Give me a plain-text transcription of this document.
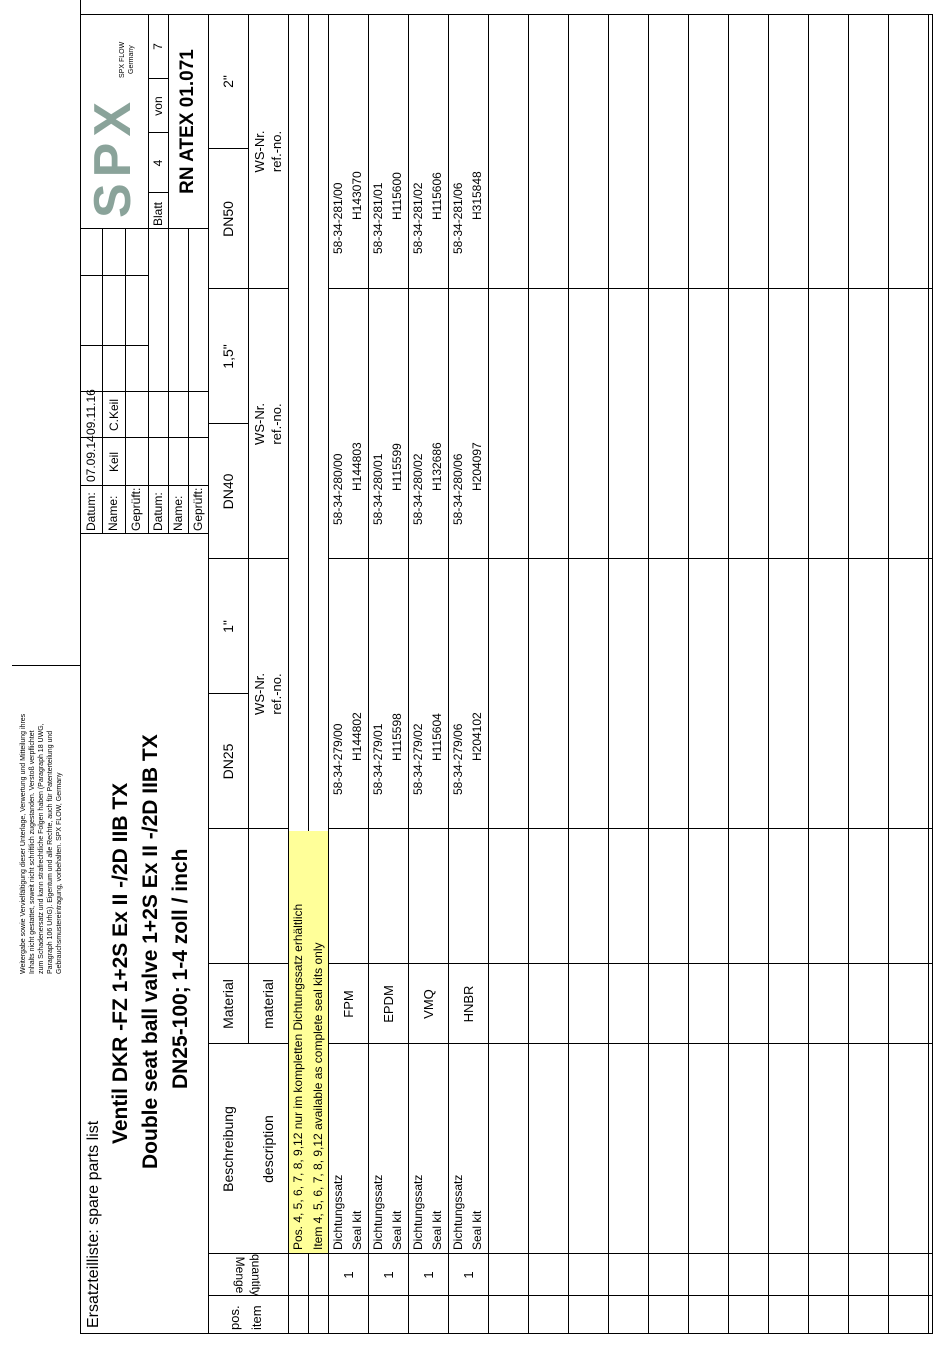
Weitergabe sowie Vervielfältigung dieser Unterlage, Verwertung und Mitteilung ihres Inhalts nicht gestattet, soweit nicht schriftlich zugestanden. Verstoß verpflichtet zum Schadenersatz und kann strafrechtliche Folgen haben (Paragraph 18 UWG, Paragraph 106 UrhG). Eigentum und alle Rechte, auch für Patenterteilung und Gebrauchsmustereintragung, vorbehalten. SPX FLOW, Germany
Ersatzteilliste: spare parts list
Ventil DKR -FZ 1+2S Ex II -/2D IIB TX Double seat ball valve 1+2S Ex II -/2D IIB TX DN25-100; 1-4 zoll / inch
Datum: Name: Geprüft:
07.09.14
09.11.16
Keil
C.Keil
Datum: Name: Geprüft:
SPX
SPX FLOW Germany
Blatt
4
von
7
RN ATEX 01.071
pos. item
Menge quantity
Beschreibung	description
Material	material
DN25
1"
DN40
1,5"
DN50
2"
WS-Nr. ref.-no.
WS-Nr. ref.-no.
WS-Nr. ref.-no.
Pos. 4, 5, 6, 7, 8, 9,12 nur im kompletten Dichtungssatz erhältlich Item 4, 5, 6, 7, 8, 9,12 available as complete seal kits only
1
Dichtungssatz Seal kit
FPM
58-34-279/00 H144802
58-34-280/00 H144803
58-34-281/00 H143070
1
Dichtungssatz Seal kit
EPDM
58-34-279/01 H115598
58-34-280/01 H115599
58-34-281/01 H115600
1
Dichtungssatz Seal kit
VMQ
58-34-279/02 H115604
58-34-280/02 H132686
58-34-281/02 H115606
1
Dichtungssatz Seal kit
HNBR
58-34-279/06 H204102
58-34-280/06 H204097
58-34-281/06 H315848
